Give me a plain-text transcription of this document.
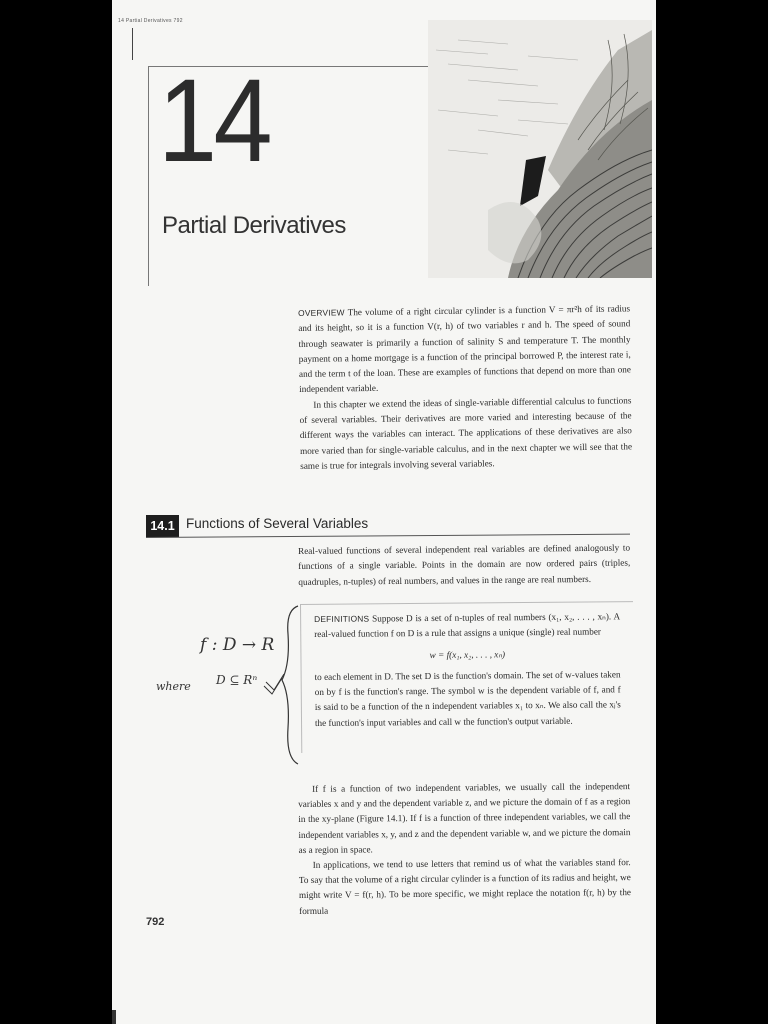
14 Partial Derivatives 792
14
Partial Derivatives

OVERVIEW The volume of a right circular cylinder is a function V = πr²h of its radius and its height, so it is a function V(r, h) of two variables r and h. The speed of sound through seawater is primarily a function of salinity S and temperature T. The monthly payment on a home mortgage is a function of the principal borrowed P, the interest rate i, and the term t of the loan. These are examples of functions that depend on more than one independent variable.

In this chapter we extend the ideas of single-variable differential calculus to functions of several variables. Their derivatives are more varied and interesting because of the different ways the variables can interact. The applications of these derivatives are also more varied than for single-variable calculus, and in the next chapter we will see that the same is true for integrals involving several variables.

14.1 Functions of Several Variables

Real-valued functions of several independent real variables are defined analogously to functions of a single variable. Points in the domain are now ordered pairs (triples, quadruples, n-tuples) of real numbers, and values in the range are real numbers.

f : D → R
where D ⊆ Rⁿ

DEFINITIONS Suppose D is a set of n-tuples of real numbers (x₁, x₂, . . . , xₙ). A real-valued function f on D is a rule that assigns a unique (single) real number

w = f(x₁, x₂, . . . , xₙ)

to each element in D. The set D is the function's domain. The set of w-values taken on by f is the function's range. The symbol w is the dependent variable of f, and f is said to be a function of the n independent variables x₁ to xₙ. We also call the xⱼ's the function's input variables and call w the function's output variable.

If f is a function of two independent variables, we usually call the independent variables x and y and the dependent variable z, and we picture the domain of f as a region in the xy-plane (Figure 14.1). If f is a function of three independent variables, we call the independent variables x, y, and z and the dependent variable w, and we picture the domain as a region in space.

In applications, we tend to use letters that remind us of what the variables stand for. To say that the volume of a right circular cylinder is a function of its radius and height, we might write V = f(r, h). To be more specific, we might replace the notation f(r, h) by the formula

792
